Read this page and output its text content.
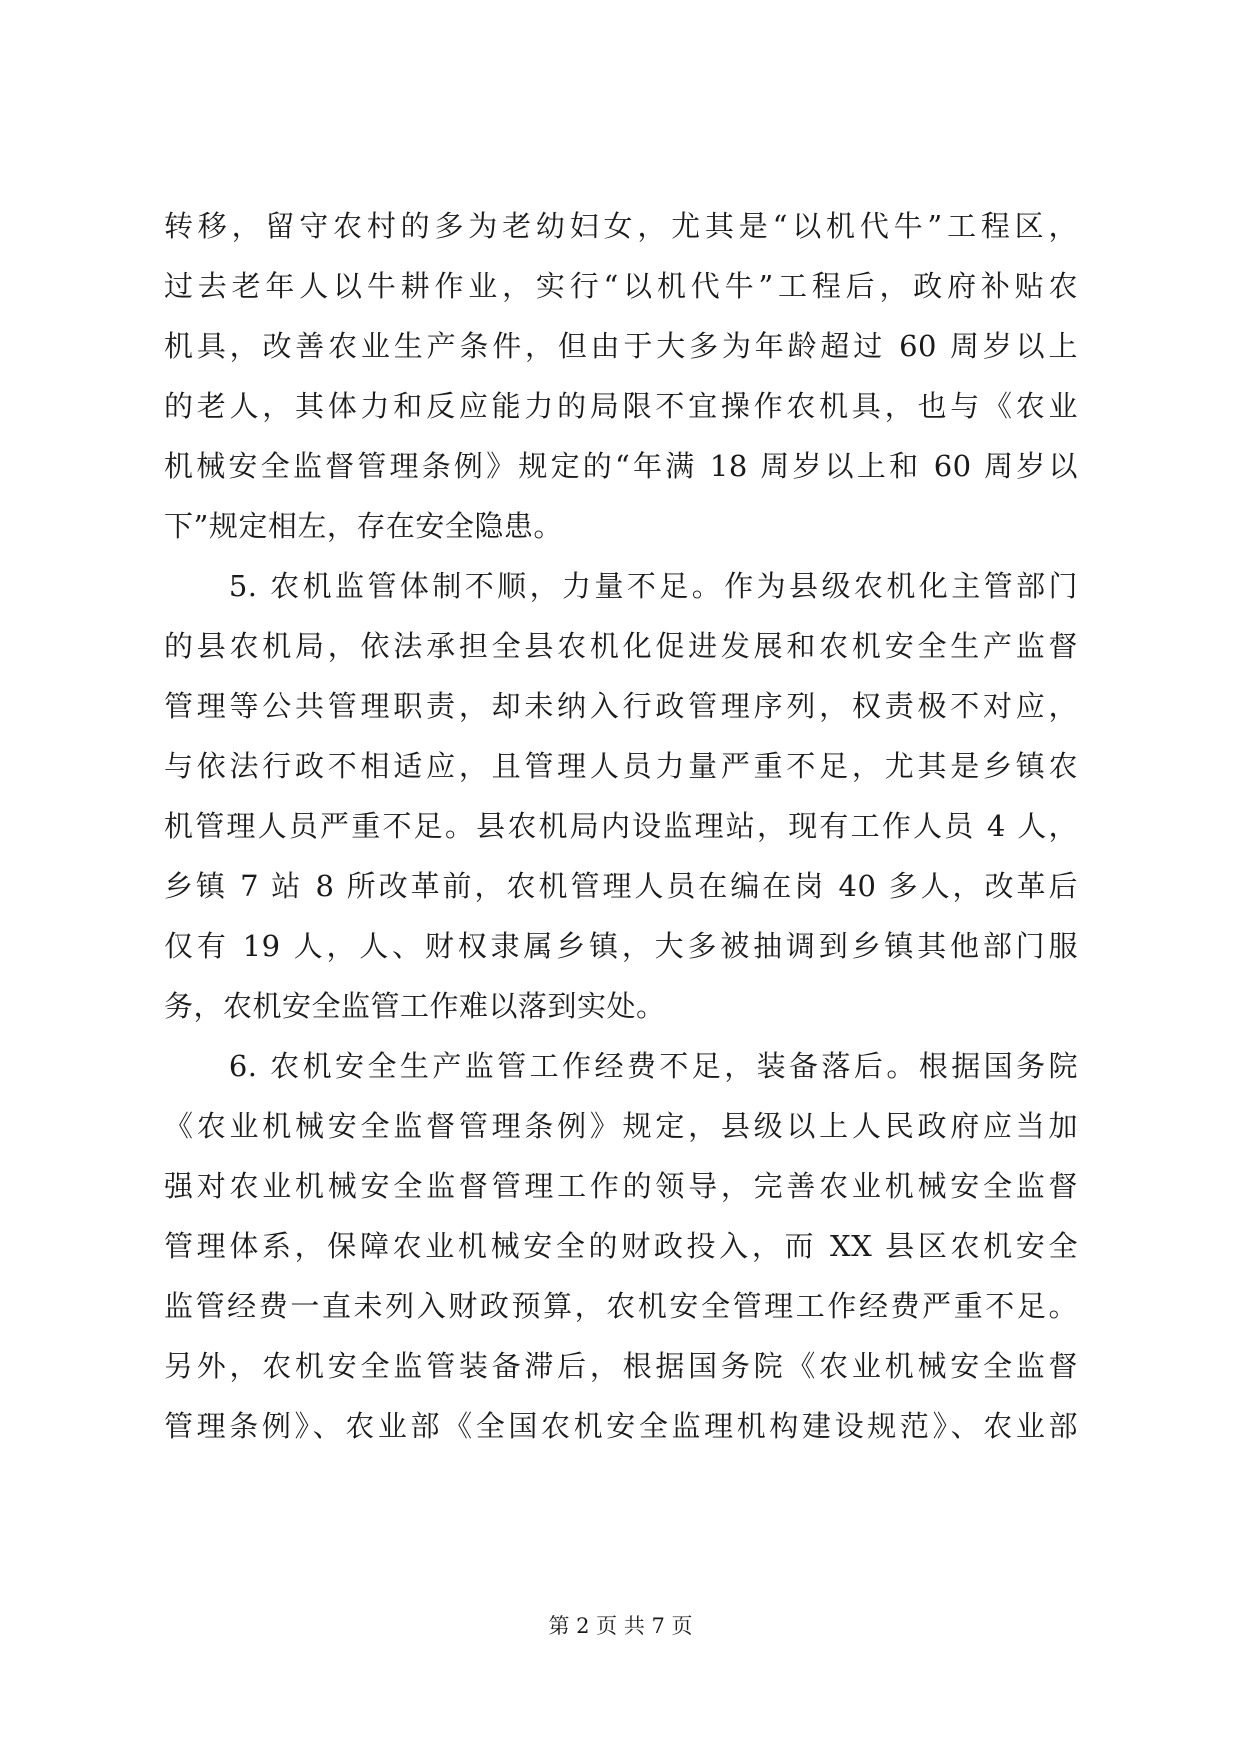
转移，留守农村的多为老幼妇女，尤其是“以机代牛”工程区，
过去老年人以牛耕作业，实行“以机代牛”工程后，政府补贴农
机具，改善农业生产条件，但由于大多为年龄超过 60 周岁以上
的老人，其体力和反应能力的局限不宜操作农机具，也与《农业
机械安全监督管理条例》规定的“年满 18 周岁以上和 60 周岁以
下”规定相左，存在安全隐患。
　　5. 农机监管体制不顺，力量不足。作为县级农机化主管部门
的县农机局，依法承担全县农机化促进发展和农机安全生产监督
管理等公共管理职责，却未纳入行政管理序列，权责极不对应，
与依法行政不相适应，且管理人员力量严重不足，尤其是乡镇农
机管理人员严重不足。县农机局内设监理站，现有工作人员 4 人，
乡镇 7 站 8 所改革前，农机管理人员在编在岗 40 多人，改革后
仅有 19 人，人、财权隶属乡镇，大多被抽调到乡镇其他部门服
务，农机安全监管工作难以落到实处。
　　6. 农机安全生产监管工作经费不足，装备落后。根据国务院
《农业机械安全监督管理条例》规定，县级以上人民政府应当加
强对农业机械安全监督管理工作的领导，完善农业机械安全监督
管理体系，保障农业机械安全的财政投入，而 XX 县区农机安全
监管经费一直未列入财政预算，农机安全管理工作经费严重不足。
另外，农机安全监管装备滞后，根据国务院《农业机械安全监督
管理条例》、农业部《全国农机安全监理机构建设规范》、农业部
第 2 页 共 7 页
